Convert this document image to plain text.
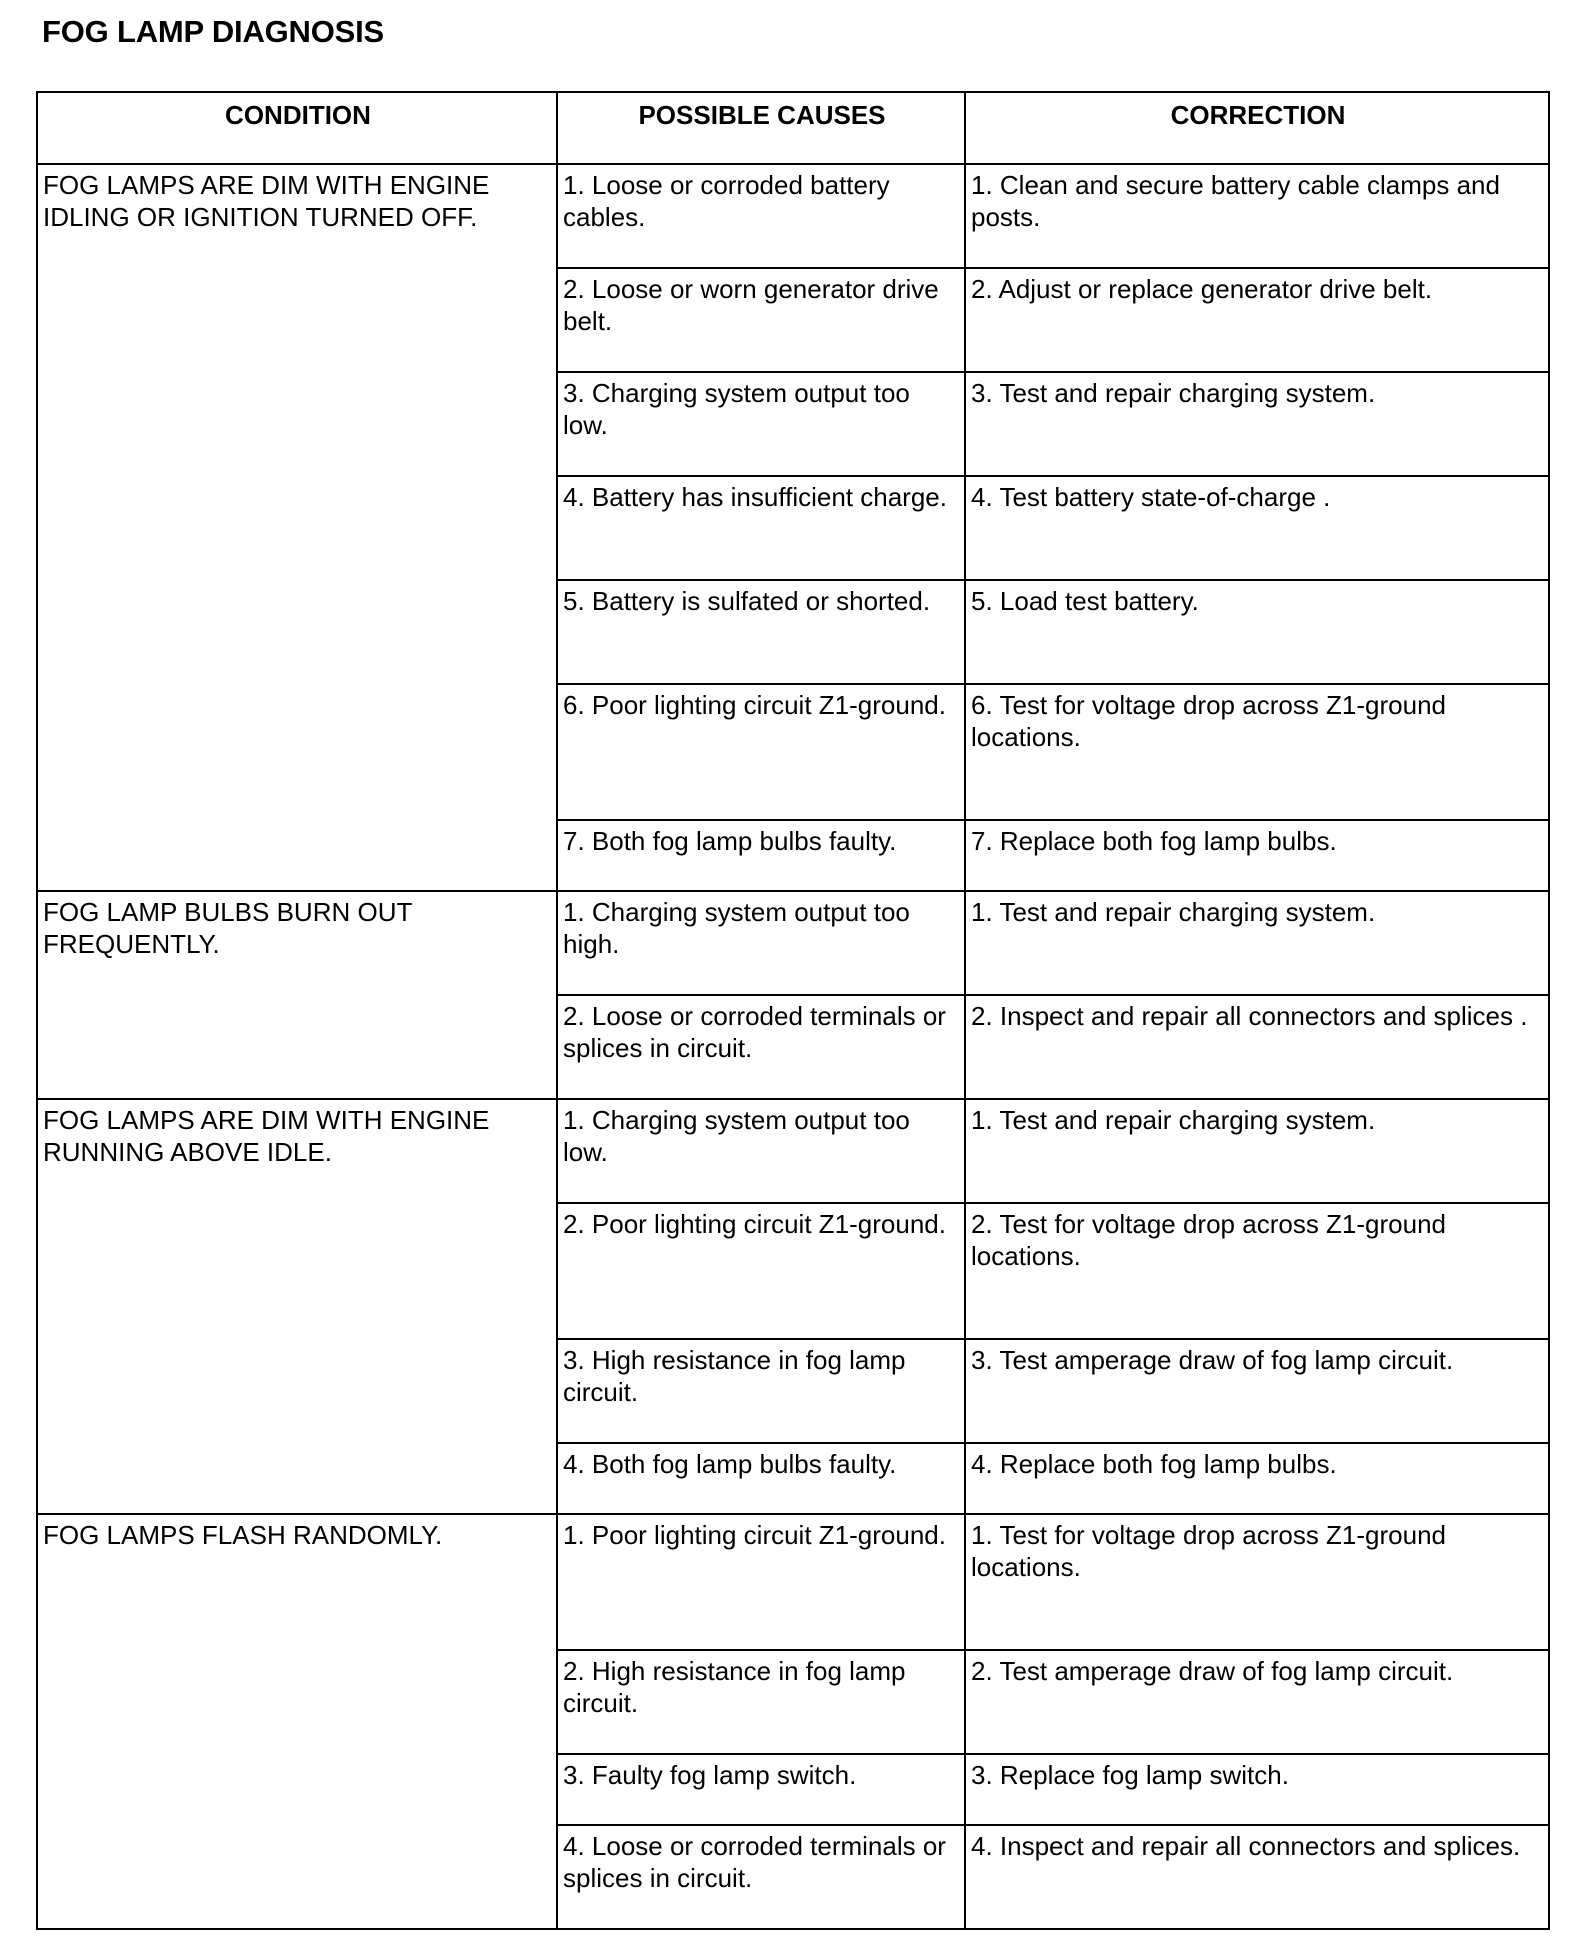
FOG LAMP DIAGNOSIS
CONDITION	POSSIBLE CAUSES	CORRECTION
FOG LAMPS ARE DIM WITH ENGINE IDLING OR IGNITION TURNED OFF.	1. Loose or corroded battery cables.	1. Clean and secure battery cable clamps and posts.
	2. Loose or worn generator drive belt.	2. Adjust or replace generator drive belt.
	3. Charging system output too low.	3. Test and repair charging system.
	4. Battery has insufficient charge.	4. Test battery state-of-charge .
	5. Battery is sulfated or shorted.	5. Load test battery.
	6. Poor lighting circuit Z1-ground.	6. Test for voltage drop across Z1-ground locations.
	7. Both fog lamp bulbs faulty.	7. Replace both fog lamp bulbs.
FOG LAMP BULBS BURN OUT FREQUENTLY.	1. Charging system output too high.	1. Test and repair charging system.
	2. Loose or corroded terminals or splices in circuit.	2. Inspect and repair all connectors and splices .
FOG LAMPS ARE DIM WITH ENGINE RUNNING ABOVE IDLE.	1. Charging system output too low.	1. Test and repair charging system.
	2. Poor lighting circuit Z1-ground.	2. Test for voltage drop across Z1-ground locations.
	3. High resistance in fog lamp circuit.	3. Test amperage draw of fog lamp circuit.
	4. Both fog lamp bulbs faulty.	4. Replace both fog lamp bulbs.
FOG LAMPS FLASH RANDOMLY.	1. Poor lighting circuit Z1-ground.	1. Test for voltage drop across Z1-ground locations.
	2. High resistance in fog lamp circuit.	2. Test amperage draw of fog lamp circuit.
	3. Faulty fog lamp switch.	3. Replace fog lamp switch.
	4. Loose or corroded terminals or splices in circuit.	4. Inspect and repair all connectors and splices.
